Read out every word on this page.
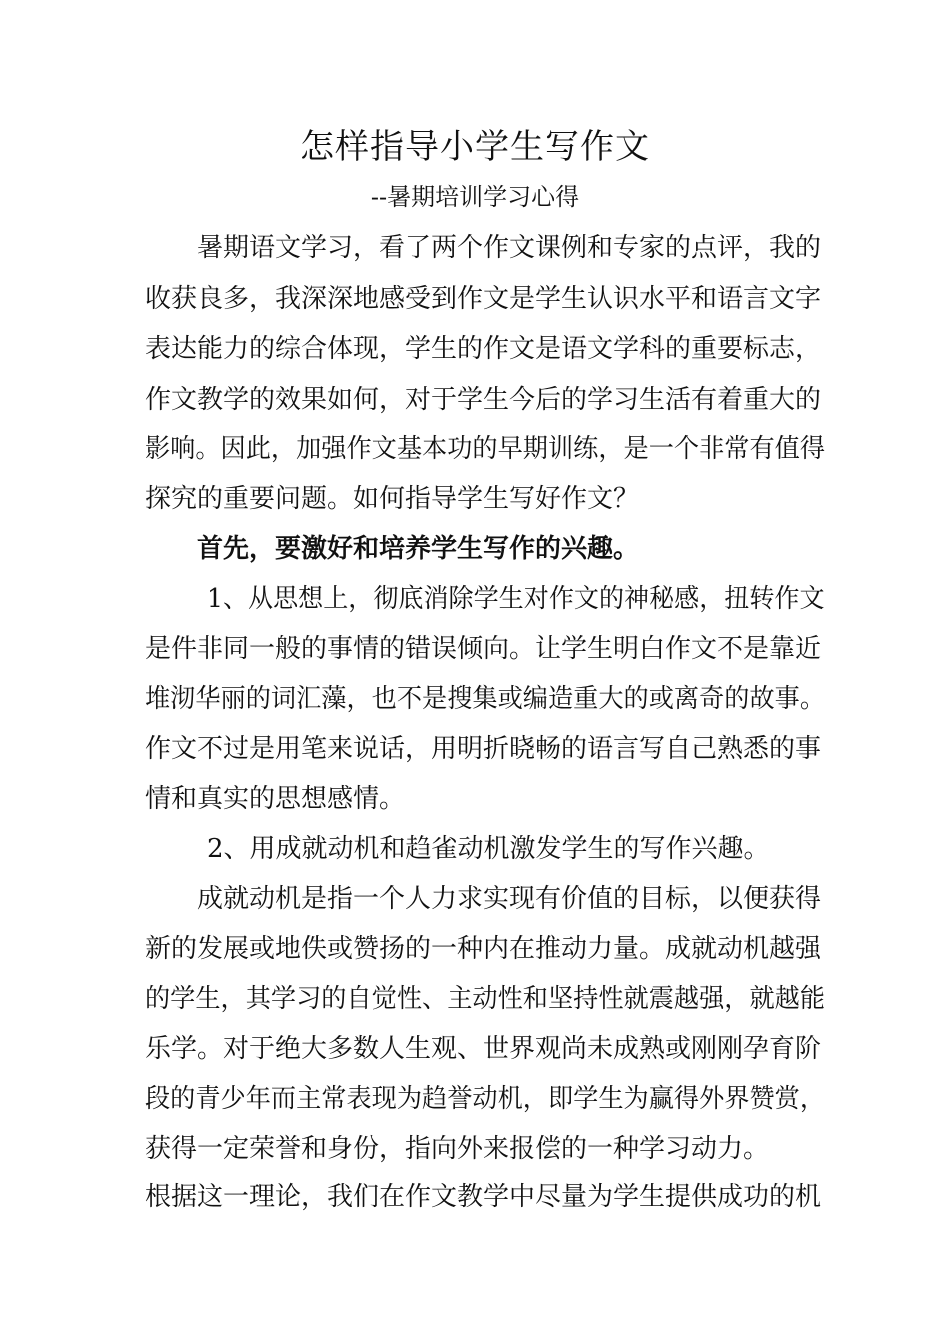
怎样指导小学生写作文
--暑期培训学习心得
暑期语文学习，看了两个作文课例和专家的点评，我的
收获良多，我深深地感受到作文是学生认识水平和语言文字
表达能力的综合体现，学生的作文是语文学科的重要标志，
作文教学的效果如何，对于学生今后的学习生活有着重大的
影响。因此，加强作文基本功的早期训练，是一个非常有值得
探究的重要问题。如何指导学生写好作文？
首先，要激好和培养学生写作的兴趣。
1、从思想上，彻底消除学生对作文的神秘感，扭转作文
是件非同一般的事情的错误倾向。让学生明白作文不是靠近
堆沏华丽的词汇藻，也不是搜集或编造重大的或离奇的故事。
作文不过是用笔来说话，用明折晓畅的语言写自己熟悉的事
情和真实的思想感情。
2、用成就动机和趋雀动机激发学生的写作兴趣。
成就动机是指一个人力求实现有价值的目标，以便获得
新的发展或地佚或赞扬的一种内在推动力量。成就动机越强
的学生，其学习的自觉性、主动性和坚持性就震越强，就越能
乐学。对于绝大多数人生观、世界观尚未成熟或刚刚孕育阶
段的青少年而主常表现为趋誉动机，即学生为赢得外界赞赏，
获得一定荣誉和身份，指向外来报偿的一种学习动力。
根据这一理论，我们在作文教学中尽量为学生提供成功的机
